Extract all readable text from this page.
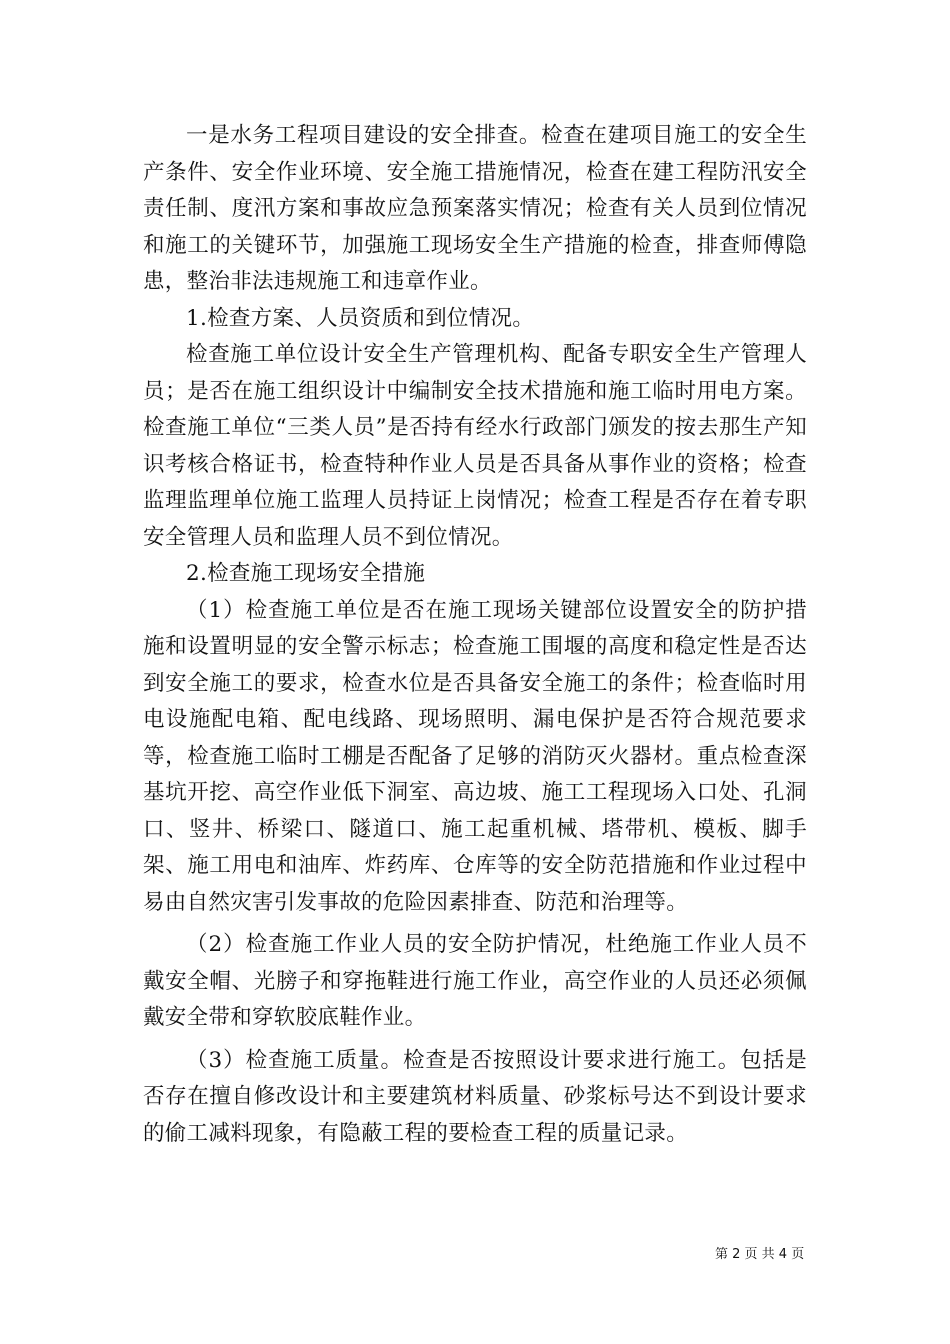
一是水务工程项目建设的安全排查。检查在建项目施工的安全生产条件、安全作业环境、安全施工措施情况，检查在建工程防汛安全责任制、度汛方案和事故应急预案落实情况；检查有关人员到位情况和施工的关键环节，加强施工现场安全生产措施的检查，排查师傅隐患，整治非法违规施工和违章作业。

1.检查方案、人员资质和到位情况。

检查施工单位设计安全生产管理机构、配备专职安全生产管理人员；是否在施工组织设计中编制安全技术措施和施工临时用电方案。检查施工单位“三类人员”是否持有经水行政部门颁发的按去那生产知识考核合格证书，检查特种作业人员是否具备从事作业的资格；检查监理监理单位施工监理人员持证上岗情况；检查工程是否存在着专职安全管理人员和监理人员不到位情况。

2.检查施工现场安全措施

（1）检查施工单位是否在施工现场关键部位设置安全的防护措施和设置明显的安全警示标志；检查施工围堰的高度和稳定性是否达到安全施工的要求，检查水位是否具备安全施工的条件；检查临时用电设施配电箱、配电线路、现场照明、漏电保护是否符合规范要求等，检查施工临时工棚是否配备了足够的消防灭火器材。重点检查深基坑开挖、高空作业低下洞室、高边坡、施工工程现场入口处、孔洞口、竖井、桥梁口、隧道口、施工起重机械、塔带机、模板、脚手架、施工用电和油库、炸药库、仓库等的安全防范措施和作业过程中易由自然灾害引发事故的危险因素排查、防范和治理等。

（2）检查施工作业人员的安全防护情况，杜绝施工作业人员不戴安全帽、光膀子和穿拖鞋进行施工作业，高空作业的人员还必须佩戴安全带和穿软胶底鞋作业。

（3）检查施工质量。检查是否按照设计要求进行施工。包括是否存在擅自修改设计和主要建筑材料质量、砂浆标号达不到设计要求的偷工减料现象，有隐蔽工程的要检查工程的质量记录。

第 2 页 共 4 页
